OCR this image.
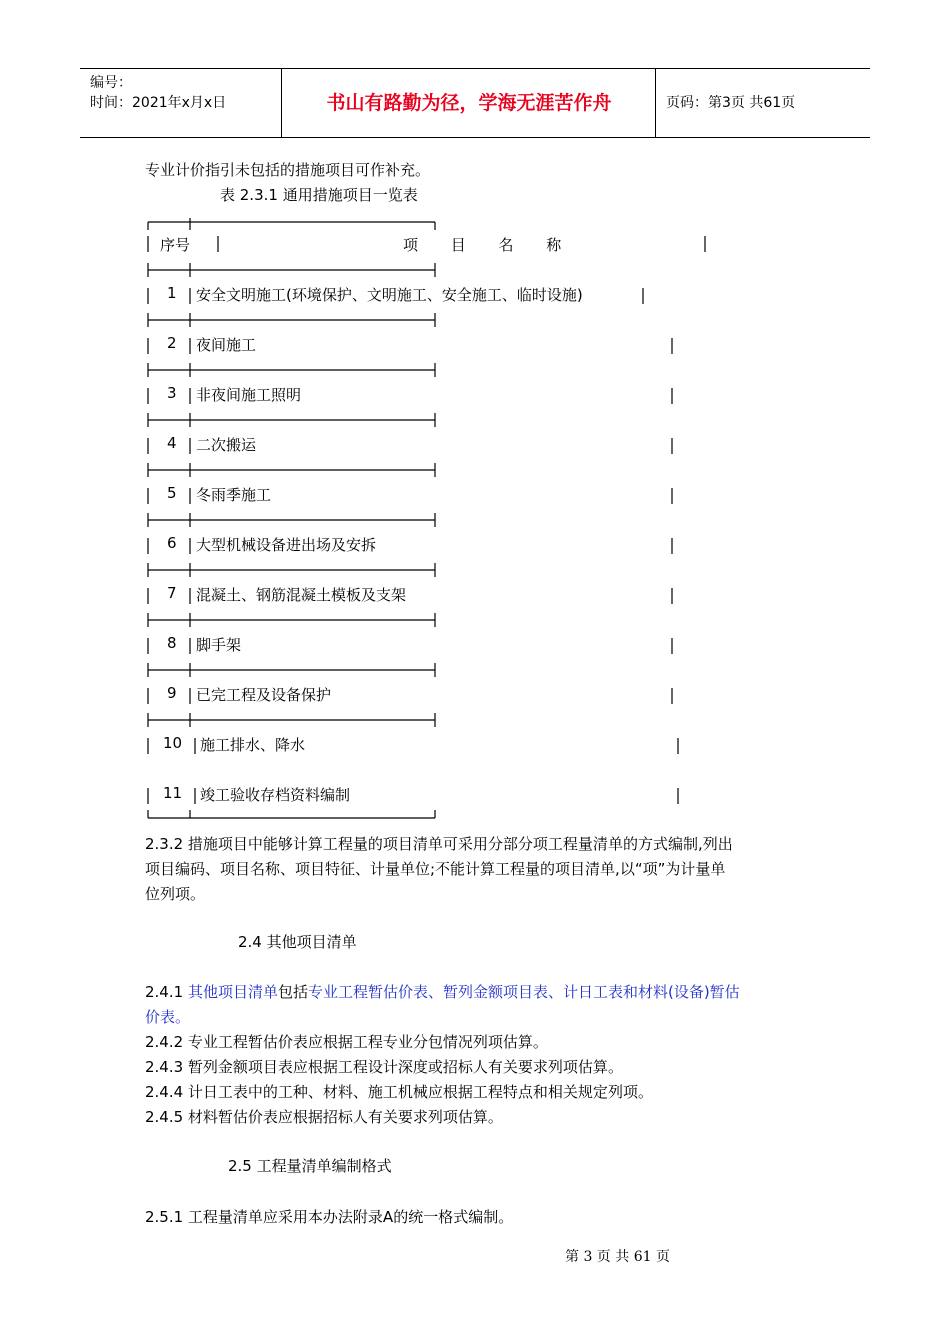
编号：
时间：2021年x月x日	书山有路勤为径，学海无涯苦作舟	页码：第3页 共61页
专业计价指引未包括的措施项目可作补充。
表 2.3.1 通用措施项目一览表
序号	项 目 名 称
1 安全文明施工(环境保护、文明施工、安全施工、临时设施)
2 夜间施工
3 非夜间施工照明
4 二次搬运
5 冬雨季施工
6 大型机械设备进出场及安拆
7 混凝土、钢筋混凝土模板及支架
8 脚手架
9 已完工程及设备保护
10 施工排水、降水
11 竣工验收存档资料编制
2.3.2 措施项目中能够计算工程量的项目清单可采用分部分项工程量清单的方式编制,列出
项目编码、项目名称、项目特征、计量单位;不能计算工程量的项目清单,以“项”为计量单
位列项。
2.4 其他项目清单
2.4.1 其他项目清单包括专业工程暂估价表、暂列金额项目表、计日工表和材料(设备)暂估
价表。
2.4.2 专业工程暂估价表应根据工程专业分包情况列项估算。
2.4.3 暂列金额项目表应根据工程设计深度或招标人有关要求列项估算。
2.4.4 计日工表中的工种、材料、施工机械应根据工程特点和相关规定列项。
2.4.5 材料暂估价表应根据招标人有关要求列项估算。
2.5 工程量清单编制格式
2.5.1 工程量清单应采用本办法附录A的统一格式编制。
第 3 页 共 61 页
